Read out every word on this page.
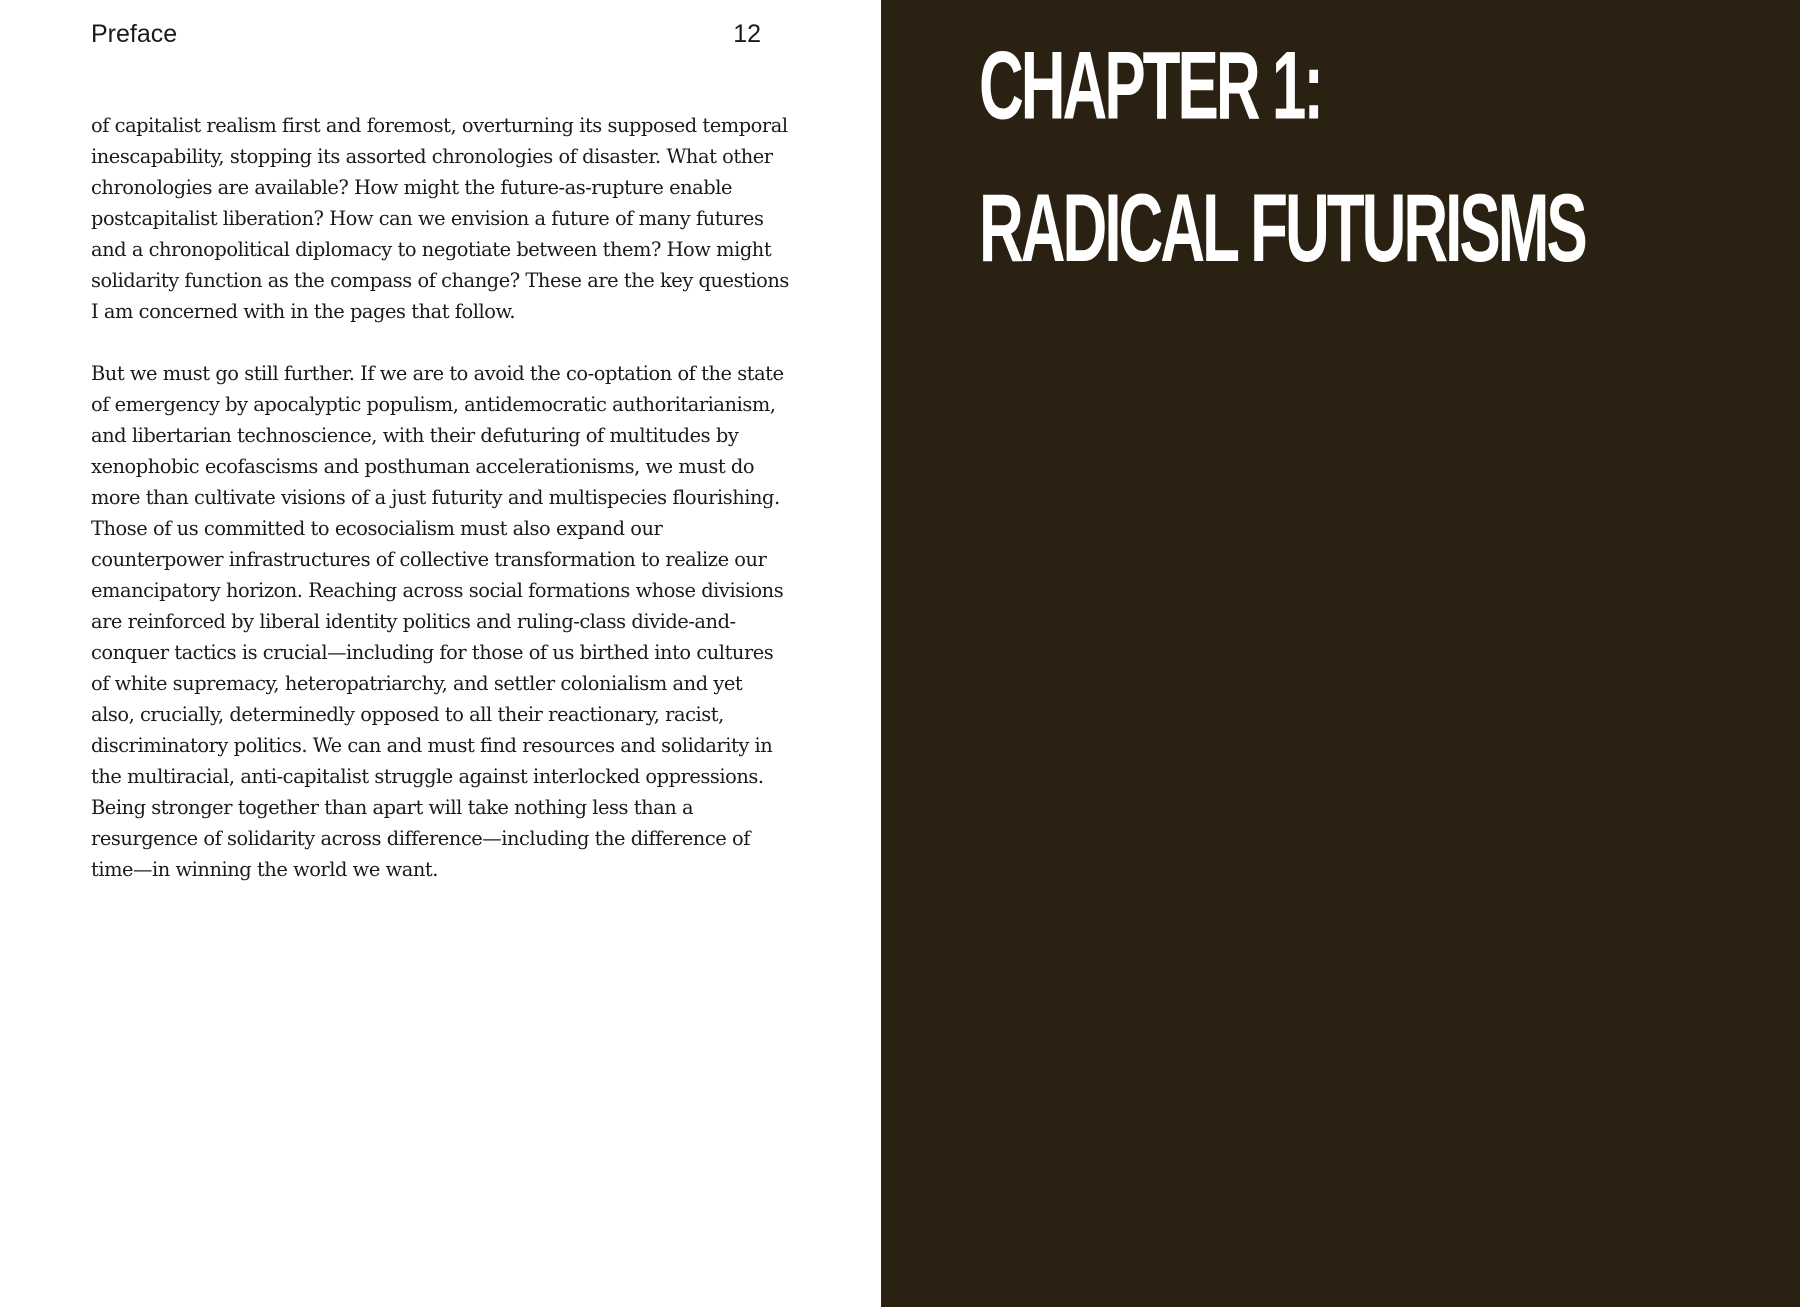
Preface	12

of capitalist realism first and foremost, overturning its supposed temporal inescapability, stopping its assorted chronologies of disaster. What other chronologies are available? How might the future-as-rupture enable postcapitalist liberation? How can we envision a future of many futures and a chronopolitical diplomacy to negotiate between them? How might solidarity function as the compass of change? These are the key questions I am concerned with in the pages that follow.

But we must go still further. If we are to avoid the co-optation of the state of emergency by apocalyptic populism, antidemocratic authoritarianism, and libertarian technoscience, with their defuturing of multitudes by xenophobic ecofascisms and posthuman accelerationisms, we must do more than cultivate visions of a just futurity and multispecies flourishing. Those of us committed to ecosocialism must also expand our counterpower infrastructures of collective transformation to realize our emancipatory horizon. Reaching across social formations whose divisions are reinforced by liberal identity politics and ruling-class divide-and-conquer tactics is crucial—including for those of us birthed into cultures of white supremacy, heteropatriarchy, and settler colonialism and yet also, crucially, determinedly opposed to all their reactionary, racist, discriminatory politics. We can and must find resources and solidarity in the multiracial, anti-capitalist struggle against interlocked oppressions. Being stronger together than apart will take nothing less than a resurgence of solidarity across difference—including the difference of time—in winning the world we want.

CHAPTER 1:
RADICAL FUTURISMS
